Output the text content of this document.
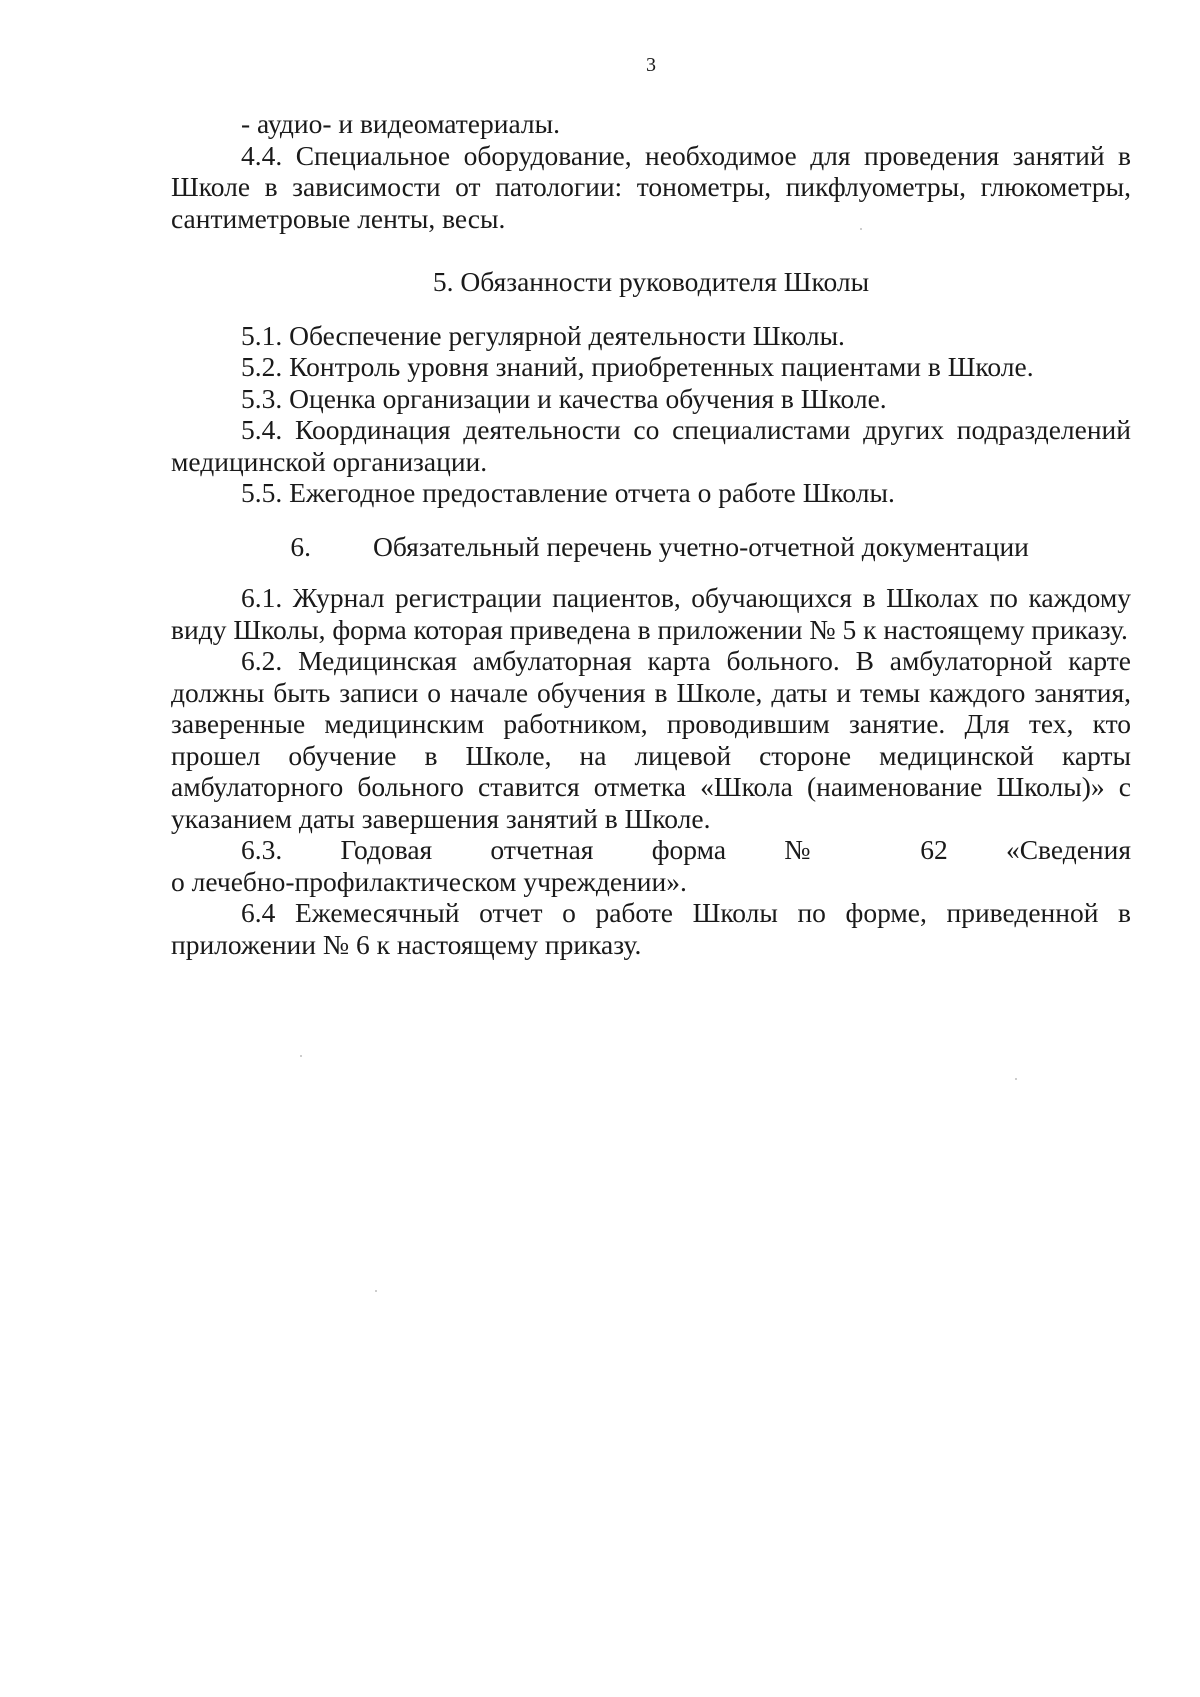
3

- аудио- и видеоматериалы.

4.4. Специальное оборудование, необходимое для проведения занятий в Школе в зависимости от патологии: тонометры, пикфлуометры, глюкометры, сантиметровые ленты, весы.

5. Обязанности руководителя Школы

5.1. Обеспечение регулярной деятельности Школы.

5.2. Контроль уровня знаний, приобретенных пациентами в Школе.

5.3. Оценка организации и качества обучения в Школе.

5.4. Координация деятельности со специалистами других подразделений медицинской организации.

5.5. Ежегодное предоставление отчета о работе Школы.

6.	Обязательный перечень учетно-отчетной документации

6.1. Журнал регистрации пациентов, обучающихся в Школах по каждому виду Школы, форма которая приведена в приложении № 5 к настоящему приказу.

6.2. Медицинская амбулаторная карта больного. В амбулаторной карте должны быть записи о начале обучения в Школе, даты и темы каждого занятия, заверенные медицинским работником, проводившим занятие. Для тех, кто прошел обучение в Школе, на лицевой стороне медицинской карты амбулаторного больного ставится отметка «Школа (наименование Школы)» с указанием даты завершения занятий в Школе.

6.3. Годовая отчетная форма № 62 «Сведения

о лечебно-профилактическом учреждении».

6.4 Ежемесячный отчет о работе Школы по форме, приведенной в приложении № 6 к настоящему приказу.
